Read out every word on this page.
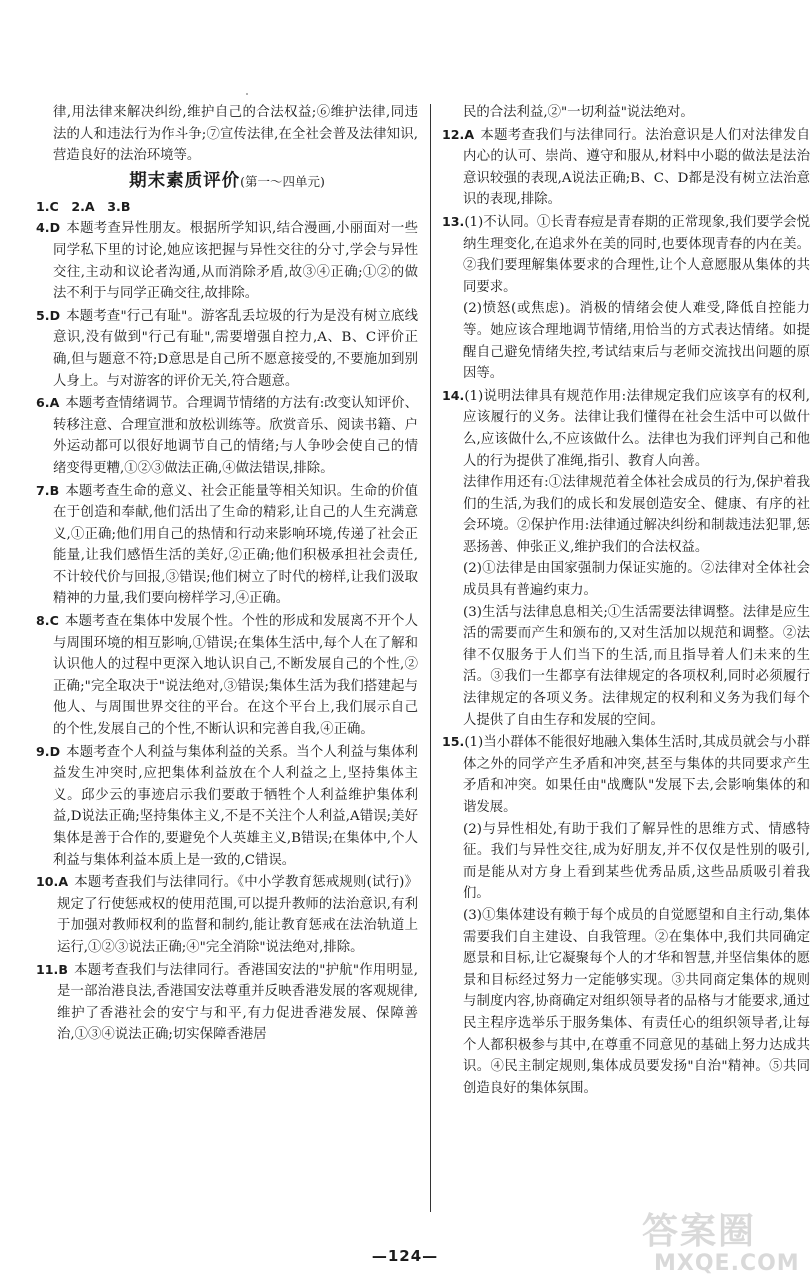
律,用法律来解决纠纷,维护自己的合法权益;⑥维护法律,同违法的人和违法行为作斗争;⑦宣传法律,在全社会普及法律知识,营造良好的法治环境等。

期末素质评价(第一～四单元)

1.C　2.A　3.B

4.D 本题考查异性朋友。根据所学知识,结合漫画,小丽面对一些同学私下里的讨论,她应该把握与异性交往的分寸,学会与异性交往,主动和议论者沟通,从而消除矛盾,故③④正确;①②的做法不利于与同学正确交往,故排除。

5.D 本题考查"行己有耻"。游客乱丢垃圾的行为是没有树立底线意识,没有做到"行己有耻",需要增强自控力,A、B、C评价正确,但与题意不符;D意思是自己所不愿意接受的,不要施加到别人身上。与对游客的评价无关,符合题意。

6.A 本题考查情绪调节。合理调节情绪的方法有:改变认知评价、转移注意、合理宣泄和放松训练等。欣赏音乐、阅读书籍、户外运动都可以很好地调节自己的情绪;与人争吵会使自己的情绪变得更糟,①②③做法正确,④做法错误,排除。

7.B 本题考查生命的意义、社会正能量等相关知识。生命的价值在于创造和奉献,他们活出了生命的精彩,让自己的人生充满意义,①正确;他们用自己的热情和行动来影响环境,传递了社会正能量,让我们感悟生活的美好,②正确;他们积极承担社会责任,不计较代价与回报,③错误;他们树立了时代的榜样,让我们汲取精神的力量,我们要向榜样学习,④正确。

8.C 本题考查在集体中发展个性。个性的形成和发展离不开个人与周围环境的相互影响,①错误;在集体生活中,每个人在了解和认识他人的过程中更深入地认识自己,不断发展自己的个性,②正确;"完全取决于"说法绝对,③错误;集体生活为我们搭建起与他人、与周围世界交往的平台。在这个平台上,我们展示自己的个性,发展自己的个性,不断认识和完善自我,④正确。

9.D 本题考查个人利益与集体利益的关系。当个人利益与集体利益发生冲突时,应把集体利益放在个人利益之上,坚持集体主义。邱少云的事迹启示我们要敢于牺牲个人利益维护集体利益,D说法正确;坚持集体主义,不是不关注个人利益,A错误;美好集体是善于合作的,要避免个人英雄主义,B错误;在集体中,个人利益与集体利益本质上是一致的,C错误。

10.A 本题考查我们与法律同行。《中小学教育惩戒规则(试行)》规定了行使惩戒权的使用范围,可以提升教师的法治意识,有利于加强对教师权利的监督和制约,能让教育惩戒在法治轨道上运行,①②③说法正确;④"完全消除"说法绝对,排除。

11.B 本题考查我们与法律同行。香港国安法的"护航"作用明显,是一部治港良法,香港国安法尊重并反映香港发展的客观规律,维护了香港社会的安宁与和平,有力促进香港发展、保障善治,①③④说法正确;切实保障香港居

民的合法利益,②"一切利益"说法绝对。

12.A 本题考查我们与法律同行。法治意识是人们对法律发自内心的认可、崇尚、遵守和服从,材料中小聪的做法是法治意识较强的表现,A说法正确;B、C、D都是没有树立法治意识的表现,排除。

13.(1)不认同。①长青春痘是青春期的正常现象,我们要学会悦纳生理变化,在追求外在美的同时,也要体现青春的内在美。②我们要理解集体要求的合理性,让个人意愿服从集体的共同要求。

(2)愤怒(或焦虑)。消极的情绪会使人难受,降低自控能力等。她应该合理地调节情绪,用恰当的方式表达情绪。如提醒自己避免情绪失控,考试结束后与老师交流找出问题的原因等。

14.(1)说明法律具有规范作用:法律规定我们应该享有的权利,应该履行的义务。法律让我们懂得在社会生活中可以做什么,应该做什么,不应该做什么。法律也为我们评判自己和他人的行为提供了准绳,指引、教育人向善。

法律作用还有:①法律规范着全体社会成员的行为,保护着我们的生活,为我们的成长和发展创造安全、健康、有序的社会环境。②保护作用:法律通过解决纠纷和制裁违法犯罪,惩恶扬善、伸张正义,维护我们的合法权益。

(2)①法律是由国家强制力保证实施的。②法律对全体社会成员具有普遍约束力。

(3)生活与法律息息相关;①生活需要法律调整。法律是应生活的需要而产生和颁布的,又对生活加以规范和调整。②法律不仅服务于人们当下的生活,而且指导着人们未来的生活。③我们一生都享有法律规定的各项权利,同时必须履行法律规定的各项义务。法律规定的权利和义务为我们每个人提供了自由生存和发展的空间。

15.(1)当小群体不能很好地融入集体生活时,其成员就会与小群体之外的同学产生矛盾和冲突,甚至与集体的共同要求产生矛盾和冲突。如果任由"战鹰队"发展下去,会影响集体的和谐发展。

(2)与异性相处,有助于我们了解异性的思维方式、情感特征。我们与异性交往,成为好朋友,并不仅仅是性别的吸引,而是能从对方身上看到某些优秀品质,这些品质吸引着我们。

(3)①集体建设有赖于每个成员的自觉愿望和自主行动,集体需要我们自主建设、自我管理。②在集体中,我们共同确定愿景和目标,让它凝聚每个人的才华和智慧,并坚信集体的愿景和目标经过努力一定能够实现。③共同商定集体的规则与制度内容,协商确定对组织领导者的品格与才能要求,通过民主程序选举乐于服务集体、有责任心的组织领导者,让每个人都积极参与其中,在尊重不同意见的基础上努力达成共识。④民主制定规则,集体成员要发扬"自治"精神。⑤共同创造良好的集体氛围。

—124—
答案圈
MXQE.COM
